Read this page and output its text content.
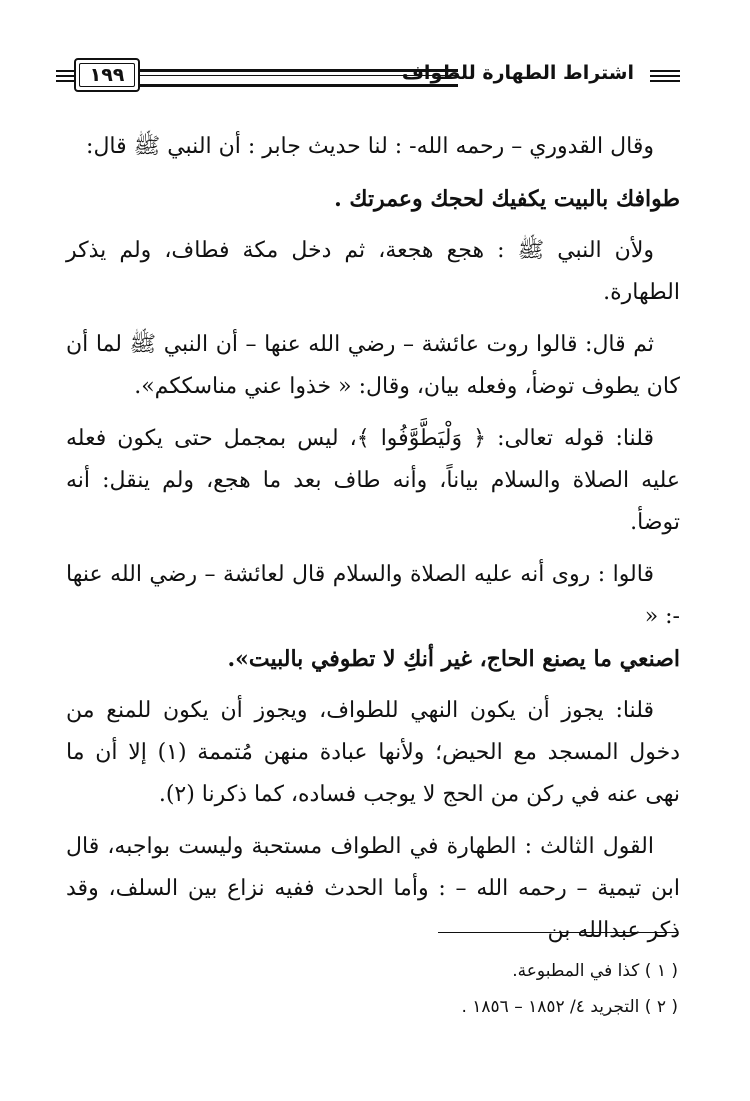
اشتراط الطهارة للطواف
١٩٩

وقال القدوري – رحمه الله- : لنا حديث جابر : أن النبي ﷺ قال:

طوافك بالبيت يكفيك لحجك وعمرتك .

ولأن النبي ﷺ : هجع هجعة، ثم دخل مكة فطاف، ولم يذكر الطهارة.

ثم قال: قالوا روت عائشة – رضي الله عنها – أن النبي ﷺ لما أن كان يطوف توضأ، وفعله بيان، وقال: « خذوا عني مناسككم».

قلنا: قوله تعالى: ﴿ وَلْيَطَّوَّفُوا ﴾، ليس بمجمل حتى يكون فعله عليه الصلاة والسلام بياناً، وأنه طاف بعد ما هجع، ولم ينقل: أنه توضأ.

قالوا : روى أنه عليه الصلاة والسلام قال لعائشة – رضي الله عنها -: «

اصنعي ما يصنع الحاج، غير أنكِ لا تطوفي بالبيت».

قلنا: يجوز أن يكون النهي للطواف، ويجوز أن يكون للمنع من دخول المسجد مع الحيض؛ ولأنها عبادة منهن مُتممة (١) إلا أن ما نهى عنه في ركن من الحج لا يوجب فساده، كما ذكرنا (٢).

القول الثالث : الطهارة في الطواف مستحبة وليست بواجبه، قال ابن تيمية – رحمه الله – : وأما الحدث ففيه نزاع بين السلف، وقد ذكر عبدالله بن

( ١ ) كذا في المطبوعة.

( ٢ ) التجريد ٤/ ١٨٥٢ – ١٨٥٦ .
